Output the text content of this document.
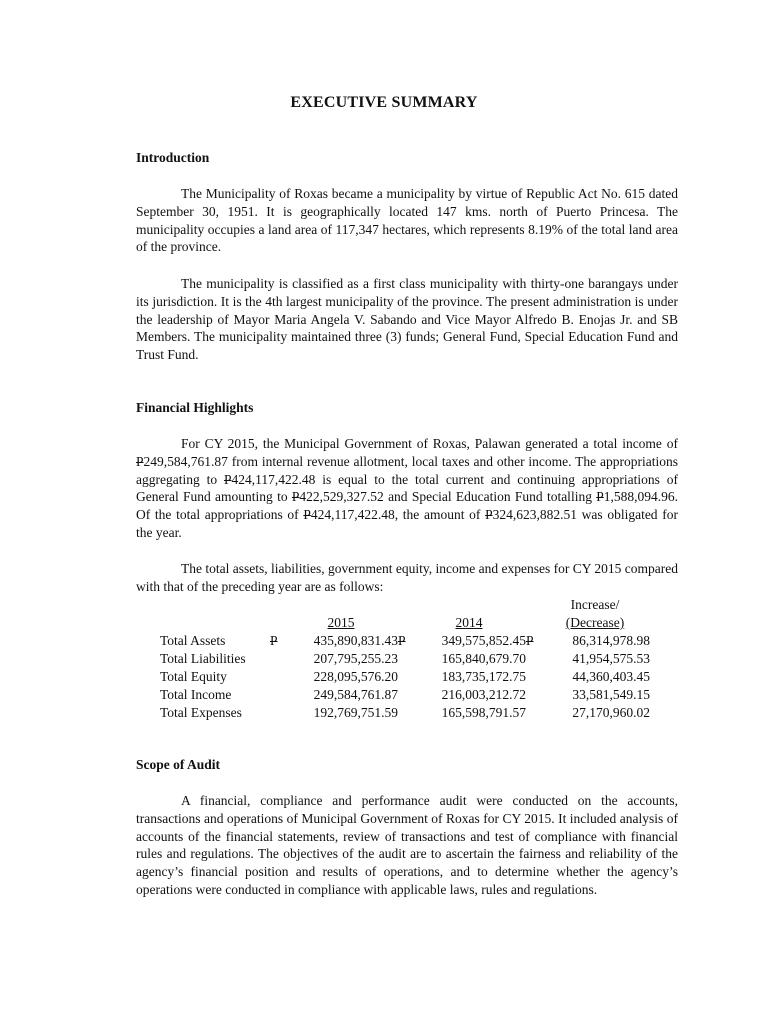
EXECUTIVE SUMMARY
Introduction

The Municipality of Roxas became a municipality by virtue of Republic Act No. 615 dated September 30, 1951. It is geographically located 147 kms. north of Puerto Princesa. The municipality occupies a land area of 117,347 hectares, which represents 8.19% of the total land area of the province.

The municipality is classified as a first class municipality with thirty-one barangays under its jurisdiction. It is the 4th largest municipality of the province. The present administration is under the leadership of Mayor Maria Angela V. Sabando and Vice Mayor Alfredo B. Enojas Jr. and SB Members. The municipality maintained three (3) funds; General Fund, Special Education Fund and Trust Fund.

Financial Highlights

For CY 2015, the Municipal Government of Roxas, Palawan generated a total income of P249,584,761.87 from internal revenue allotment, local taxes and other income. The appropriations aggregating to P424,117,422.48 is equal to the total current and continuing appropriations of General Fund amounting to P422,529,327.52 and Special Education Fund totalling P1,588,094.96. Of the total appropriations of P424,117,422.48, the amount of P324,623,882.51 was obligated for the year.

The total assets, liabilities, government equity, income and expenses for CY 2015 compared with that of the preceding year are as follows:

						Increase/
		2015		2014		(Decrease)
Total Assets	P	435,890,831.43	P	349,575,852.45	P	86,314,978.98
Total Liabilities		207,795,255.23		165,840,679.70		41,954,575.53
Total Equity		228,095,576.20		183,735,172.75		44,360,403.45
Total Income		249,584,761.87		216,003,212.72		33,581,549.15
Total Expenses		192,769,751.59		165,598,791.57		27,170,960.02
Scope of Audit

A financial, compliance and performance audit were conducted on the accounts, transactions and operations of Municipal Government of Roxas for CY 2015. It included analysis of accounts of the financial statements, review of transactions and test of compliance with financial rules and regulations. The objectives of the audit are to ascertain the fairness and reliability of the agency’s financial position and results of operations, and to determine whether the agency’s operations were conducted in compliance with applicable laws, rules and regulations.
